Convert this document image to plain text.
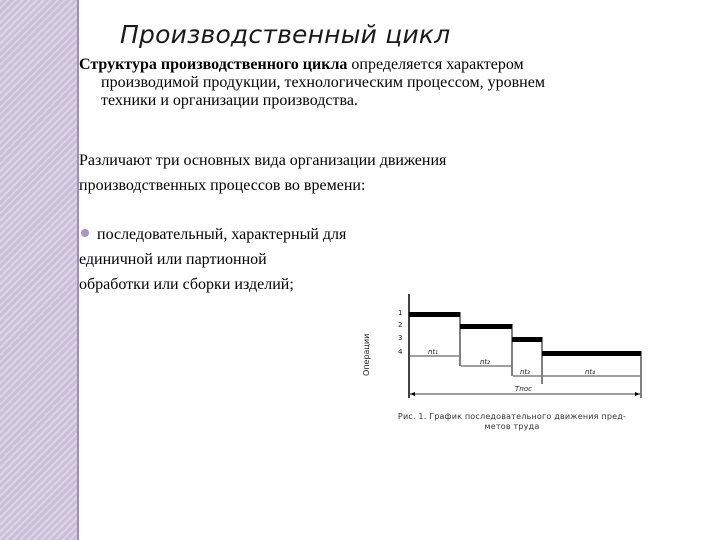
Производственный цикл
Структура производственного цикла определяется характером
производимой продукции, технологическим процессом, уровнем
техники и организации производства.
Различают три основных вида организации движения
производственных процессов во времени:
последовательный, характерный для
единичной или партионной
обработки или сборки изделий;
Операции
1
2
3
4	nt₁
nt₂
nt₃	nt₄
Tпос
Рис. 1. График последовательного движения пред-
метов труда
